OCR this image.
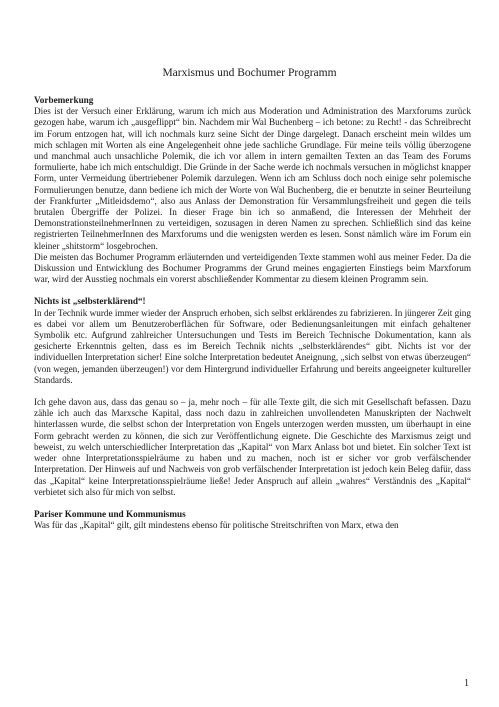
Marxismus und Bochumer Programm

Vorbemerkung

Dies ist der Versuch einer Erklärung, warum ich mich aus Moderation und Administration des Marxforums zurück gezogen habe, warum ich „ausgeflippt“ bin. Nachdem mir Wal Buchenberg – ich betone: zu Recht! - das Schreibrecht im Forum entzogen hat, will ich nochmals kurz seine Sicht der Dinge dargelegt. Danach erscheint mein wildes um mich schlagen mit Worten als eine Angelegenheit ohne jede sachliche Grundlage. Für meine teils völlig überzogene und manchmal auch unsachliche Polemik, die ich vor allem in intern gemailten Texten an das Team des Forums formulierte, habe ich mich entschuldigt. Die Gründe in der Sache werde ich nochmals versuchen in möglichst knapper Form, unter Vermeidung übertriebener Polemik darzulegen. Wenn ich am Schluss doch noch einige sehr polemische Formulierungen benutze, dann bediene ich mich der Worte von Wal Buchenberg, die er benutzte in seiner Beurteilung der Frankfurter „Mitleidsdemo“, also aus Anlass der Demonstration für Versammlungsfreiheit und gegen die teils brutalen Übergriffe der Polizei. In dieser Frage bin ich so anmaßend, die Interessen der Mehrheit der DemonstrationsteilnehmerInnen zu verteidigen, sozusagen in deren Namen zu sprechen. Schließlich sind das keine registrierten TeilnehmerInnen des Marxforums und die wenigsten werden es lesen. Sonst nämlich wäre im Forum ein kleiner „shitstorm“ losgebrochen.

Die meisten das Bochumer Programm erläuternden und verteidigenden Texte stammen wohl aus meiner Feder. Da die Diskussion und Entwicklung des Bochumer Programms der Grund meines engagierten Einstiegs beim Marxforum war, wird der Ausstieg nochmals ein vorerst abschließender Kommentar zu diesem kleinen Programm sein.

Nichts ist „selbsterklärend“!

In der Technik wurde immer wieder der Anspruch erhoben, sich selbst erklärendes zu fabrizieren. In jüngerer Zeit ging es dabei vor allem um Benutzeroberflächen für Software, oder Bedienungsanleitungen mit einfach gehaltener Symbolik etc. Aufgrund zahlreicher Untersuchungen und Tests im Bereich Technische Dokumentation, kann als gesicherte Erkenntnis gelten, dass es im Bereich Technik nichts „selbsterklärendes“ gibt. Nichts ist vor der individuellen Interpretation sicher! Eine solche Interpretation bedeutet Aneignung, „sich selbst von etwas überzeugen“ (von wegen, jemanden überzeugen!) vor dem Hintergrund individueller Erfahrung und bereits angeeigneter kultureller Standards.

Ich gehe davon aus, dass das genau so – ja, mehr noch – für alle Texte gilt, die sich mit Gesellschaft befassen. Dazu zähle ich auch das Marxsche Kapital, dass noch dazu in zahlreichen unvollendeten Manuskripten der Nachwelt hinterlassen wurde, die selbst schon der Interpretation von Engels unterzogen werden mussten, um überhaupt in eine Form gebracht werden zu können, die sich zur Veröffentlichung eignete. Die Geschichte des Marxismus zeigt und beweist, zu welch unterschiedlicher Interpretation das „Kapital“ von Marx Anlass bot und bietet. Ein solcher Text ist weder ohne Interpretationsspielräume zu haben und zu machen, noch ist er sicher vor grob verfälschender Interpretation. Der Hinweis auf und Nachweis von grob verfälschender Interpretation ist jedoch kein Beleg dafür, dass das „Kapital“ keine Interpretationsspielräume ließe! Jeder Anspruch auf allein „wahres“ Verständnis des „Kapital“ verbietet sich also für mich von selbst.

Pariser Kommune und Kommunismus

Was für das „Kapital“ gilt, gilt mindestens ebenso für politische Streitschriften von Marx, etwa den

1
